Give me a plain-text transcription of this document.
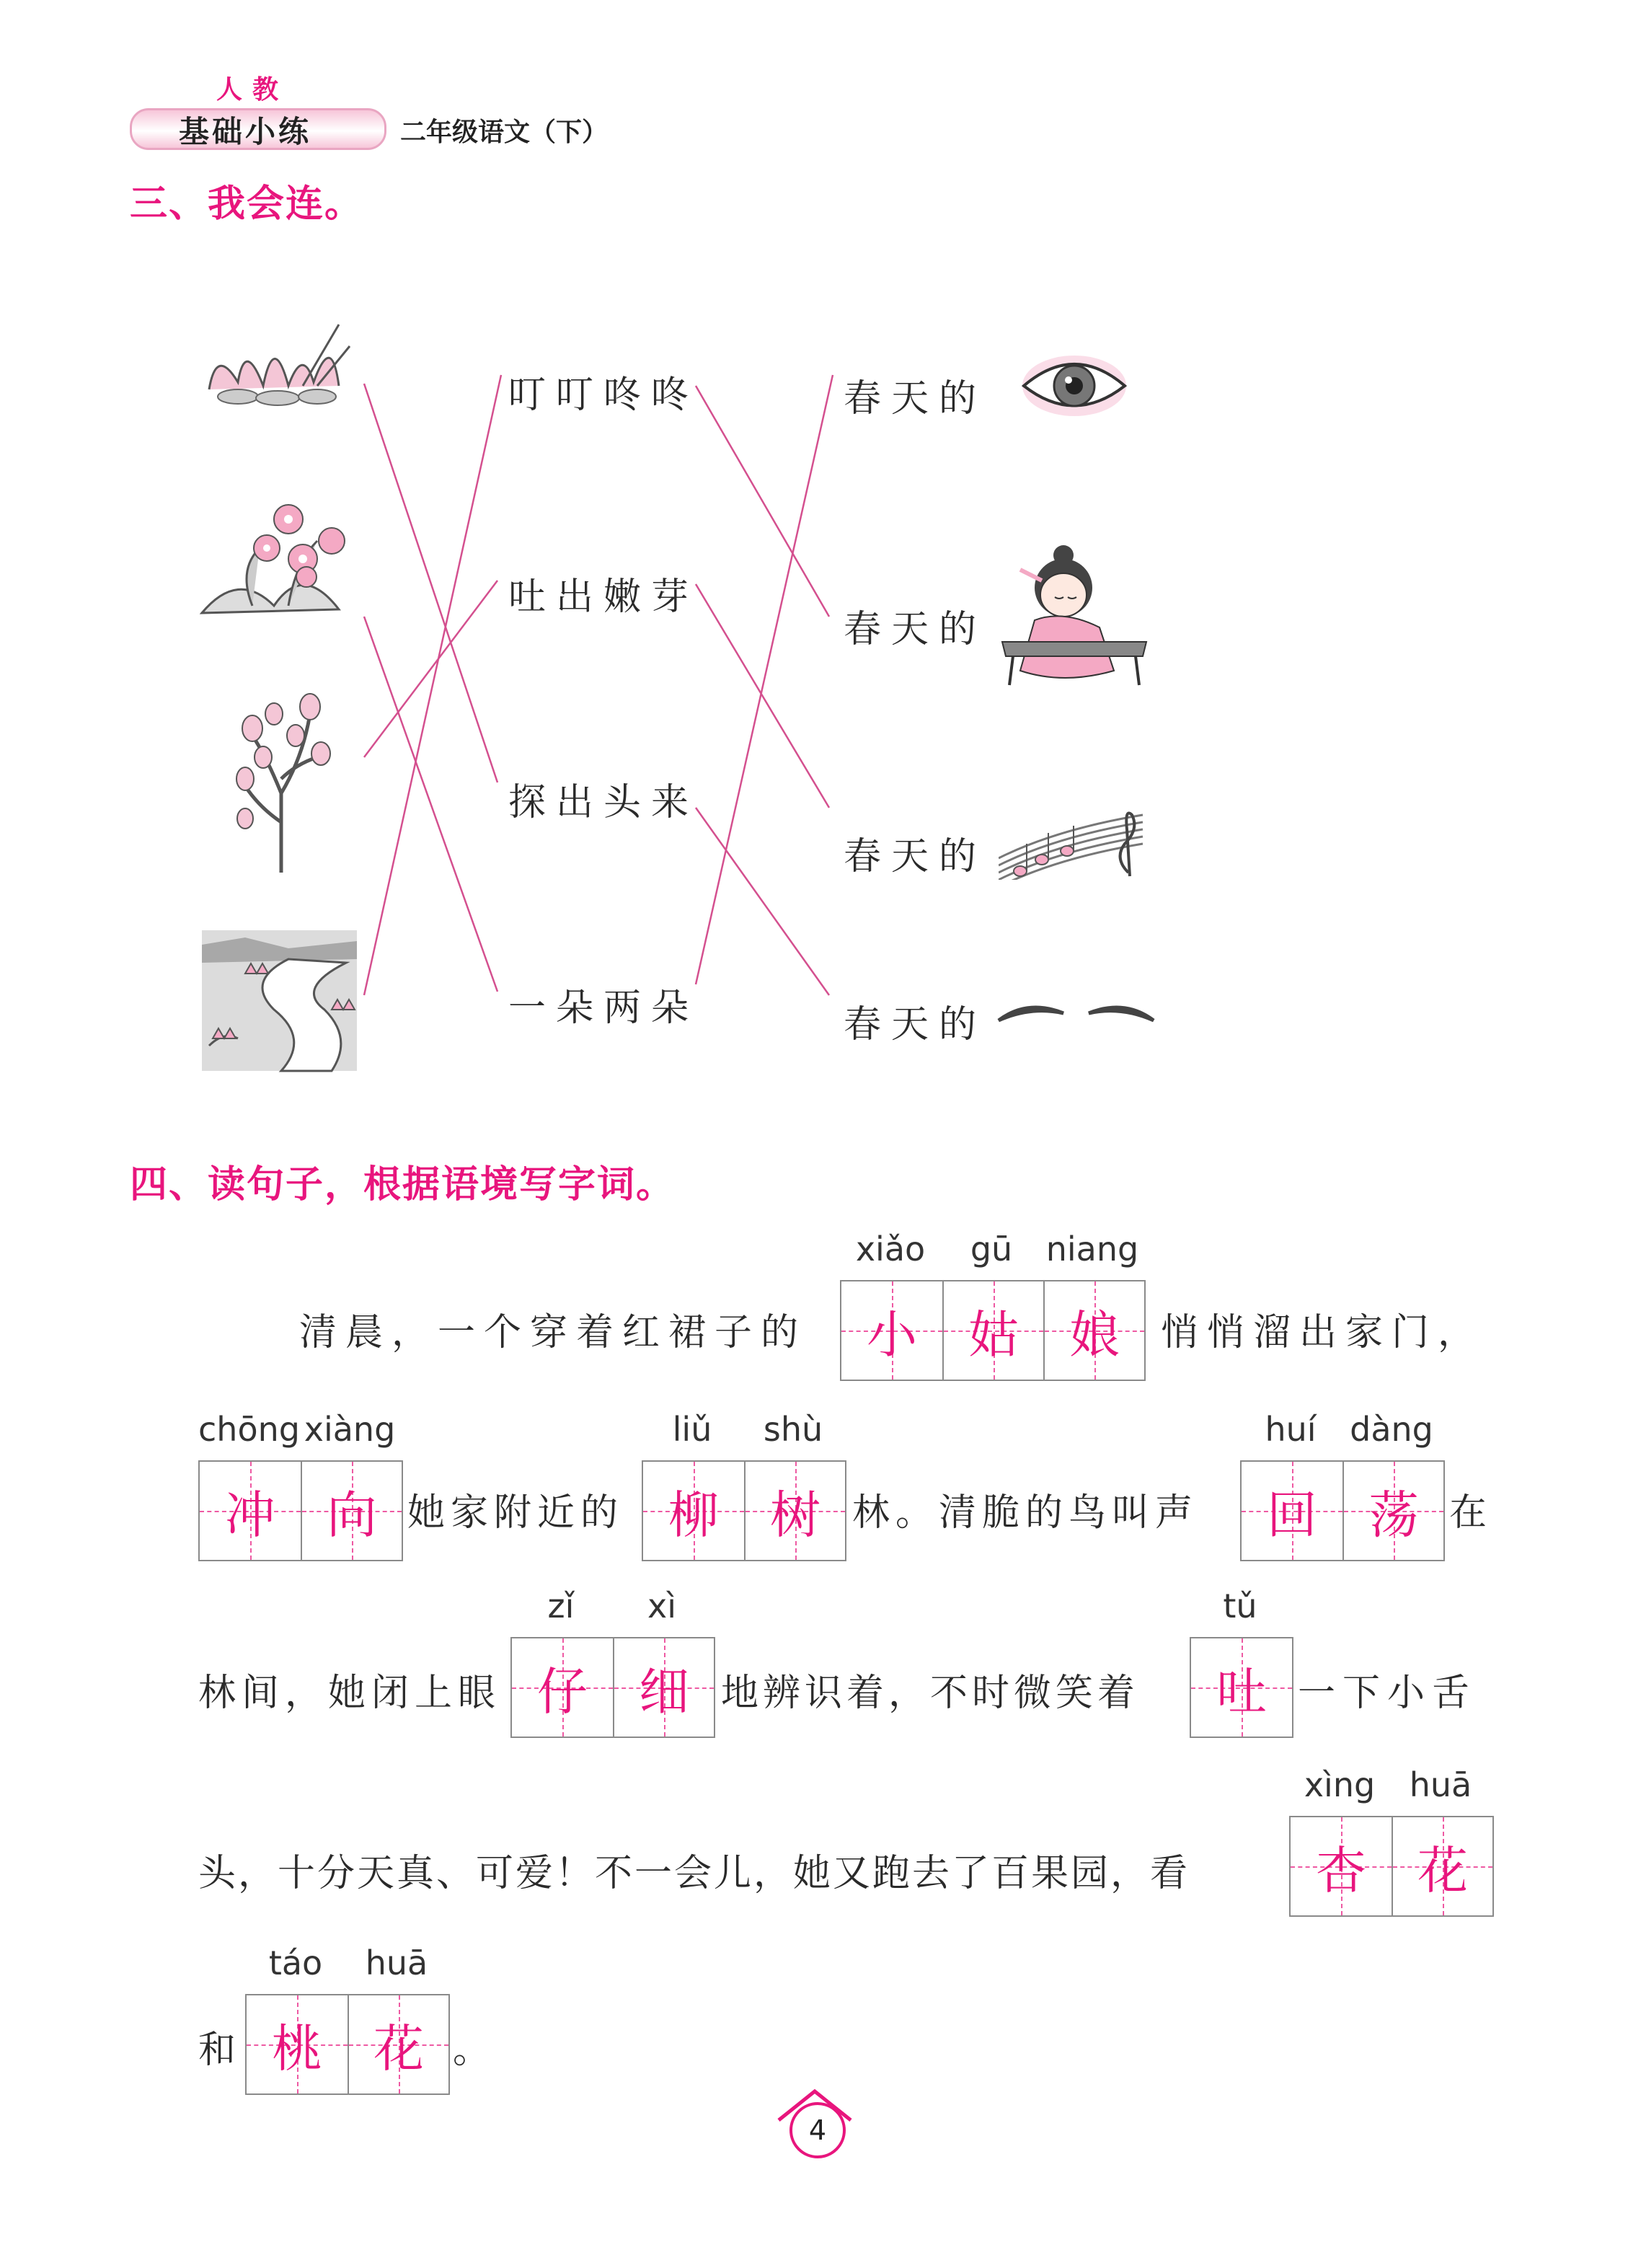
人教
基础小练	二年级语文（下）
三、我会连。
叮叮咚咚
吐出嫩芽
探出头来
一朵两朵
春天的
春天的
春天的
春天的
四、读句子，根据语境写字词。
清晨，一个穿着红裙子的
xiǎo	gū	niang
小 姑 娘 悄悄溜出家门，
chōng xiàng
冲 向 她家附近的
liǔ	shù
柳 树 林。清脆的鸟叫声
huí	dàng
回 荡 在
林间，她闭上眼
zǐ	xì
仔 细 地辨识着，不时微笑着
tǔ
吐 一下小舌
头，十分天真、可爱！不一会儿，她又跑去了百果园，看
xìng	huā
杏 花
和
táo	huā
桃 花 。
4
